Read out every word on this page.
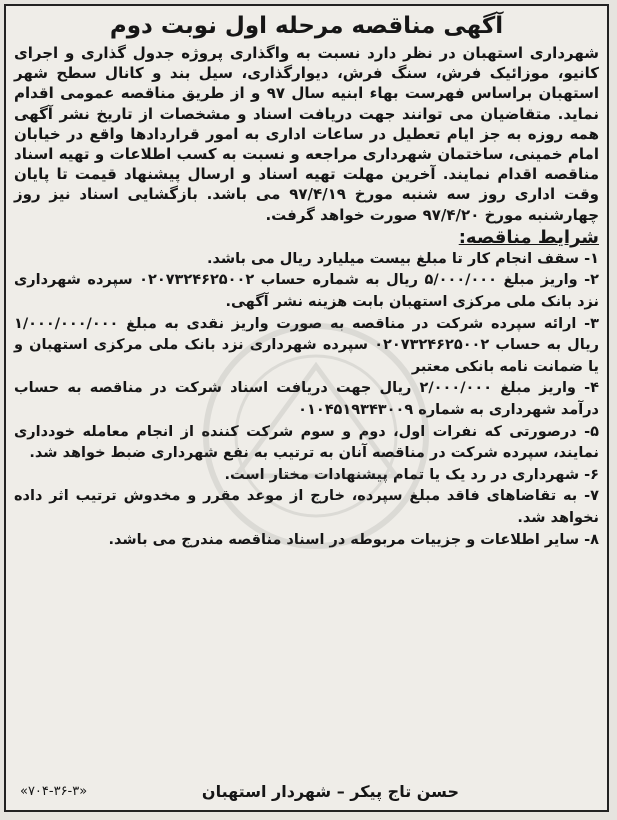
آگهی مناقصه مرحله اول نوبت دوم

شهرداری استهبان در نظر دارد نسبت به واگذاری پروژه جدول گذاری و اجرای کانیو، موزائیک فرش، سنگ فرش، دیوارگذاری، سیل بند و کانال سطح شهر استهبان براساس فهرست بهاء ابنیه سال ۹۷ و از طریق مناقصه عمومی اقدام نماید. متقاضیان می توانند جهت دریافت اسناد و مشخصات از تاریخ نشر آگهی همه روزه به جز ایام تعطیل در ساعات اداری به امور قراردادها واقع در خیابان امام خمینی، ساختمان شهرداری مراجعه و نسبت به کسب اطلاعات و تهیه اسناد مناقصه اقدام نمایند. آخرین مهلت تهیه اسناد و ارسال پیشنهاد قیمت تا پایان وقت اداری روز سه شنبه مورخ ۹۷/۴/۱۹ می باشد. بازگشایی اسناد نیز روز چهارشنبه مورخ ۹۷/۴/۲۰ صورت خواهد گرفت.

شرایط مناقصه:
۱- سقف انجام کار تا مبلغ بیست میلیارد ریال می باشد.
۲- واریز مبلغ ۵/۰۰۰/۰۰۰ ریال به شماره حساب ۰۲۰۷۳۲۴۶۲۵۰۰۲ سپرده شهرداری نزد بانک ملی مرکزی استهبان بابت هزینه نشر آگهی.
۳- ارائه سپرده شرکت در مناقصه به صورت واریز نقدی به مبلغ ۱/۰۰۰/۰۰۰/۰۰۰ ریال به حساب ۰۲۰۷۳۲۴۶۲۵۰۰۲ سپرده شهرداری نزد بانک ملی مرکزی استهبان و یا ضمانت نامه بانکی معتبر
۴- واریز مبلغ ۲/۰۰۰/۰۰۰ ریال جهت دریافت اسناد شرکت در مناقصه به حساب درآمد شهرداری به شماره ۰۱۰۴۵۱۹۳۴۳۰۰۹
۵- درصورتی که نفرات اول، دوم و سوم شرکت کننده از انجام معامله خودداری نمایند، سپرده شرکت در مناقصه آنان به ترتیب به نفع شهرداری ضبط خواهد شد.
۶- شهرداری در رد یک یا تمام پیشنهادات مختار است.
۷- به تقاضاهای فاقد مبلغ سپرده، خارج از موعد مقرر و مخدوش ترتیب اثر داده نخواهد شد.
۸- سایر اطلاعات و جزییات مربوطه در اسناد مناقصه مندرج می باشد.
حسن تاج پیکر – شهردار استهبان
«۷۰۴-۳۶-۳»
